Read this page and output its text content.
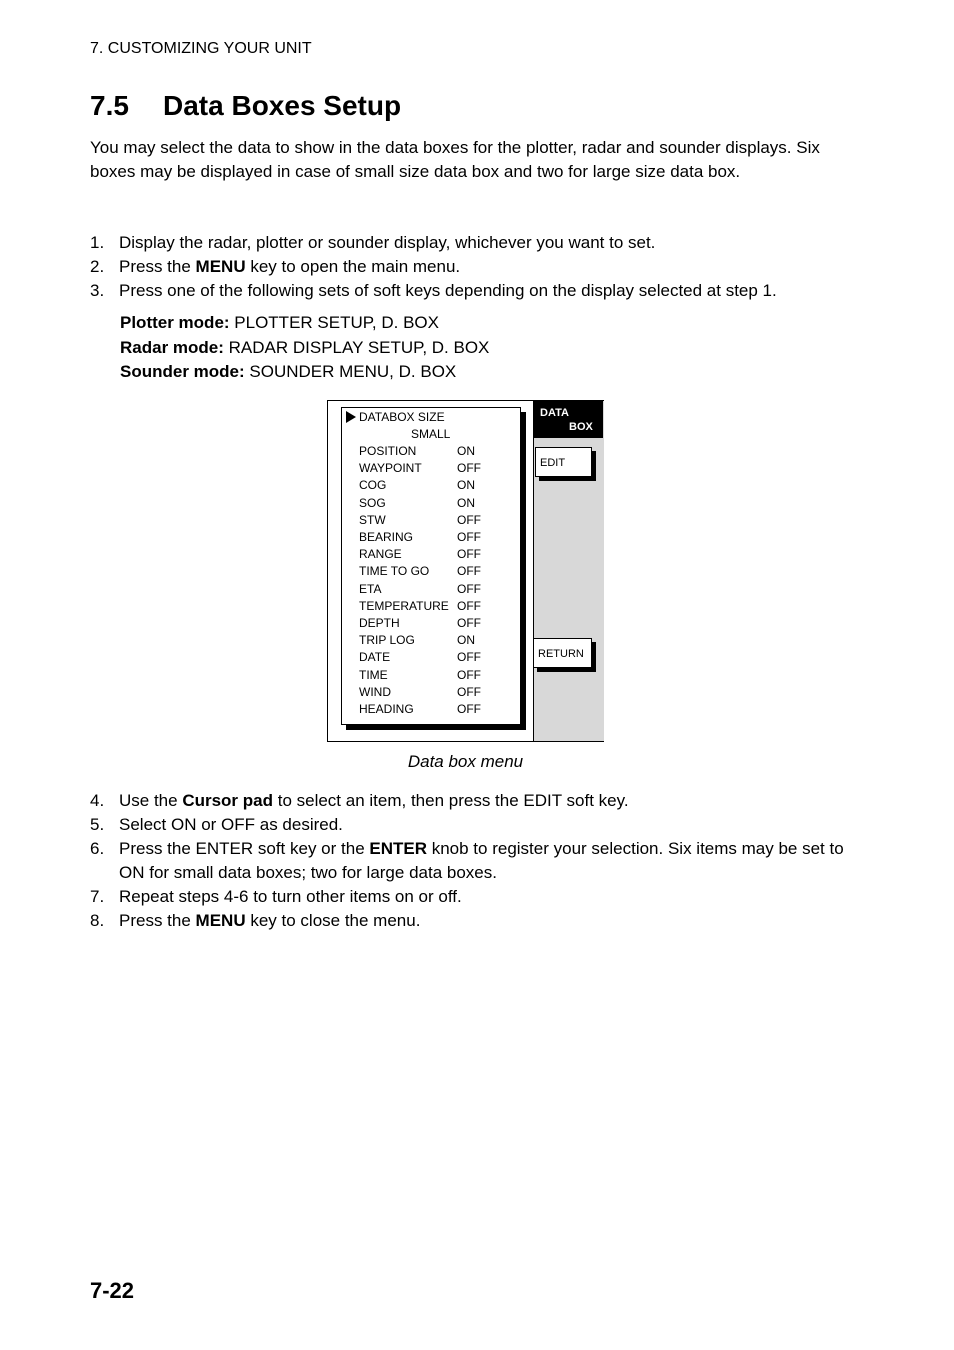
7. CUSTOMIZING YOUR UNIT
7.5 Data Boxes Setup

You may select the data to show in the data boxes for the plotter, radar and sounder displays. Six boxes may be displayed in case of small size data box and two for large size data box.

1. Display the radar, plotter or sounder display, whichever you want to set.
2. Press the MENU key to open the main menu.
3. Press one of the following sets of soft keys depending on the display selected at step 1.
Plotter mode: PLOTTER SETUP, D. BOX
Radar mode: RADAR DISPLAY SETUP, D. BOX
Sounder mode: SOUNDER MENU, D. BOX
DATABOX SIZE
SMALL
POSITION	ON
WAYPOINT	OFF
COG	ON
SOG	ON
STW	OFF
BEARING	OFF
RANGE	OFF
TIME TO GO OFF
ETA	OFF
TEMPERATURE OFF
DEPTH	OFF
TRIP LOG	ON
DATE	OFF
TIME	OFF
WIND	OFF
HEADING	OFF
DATA
BOX
EDIT
RETURN
Data box menu
4. Use the Cursor pad to select an item, then press the EDIT soft key.
5. Select ON or OFF as desired.
6. Press the ENTER soft key or the ENTER knob to register your selection. Six items may be set to ON for small data boxes; two for large data boxes.
7. Repeat steps 4-6 to turn other items on or off.
8. Press the MENU key to close the menu.
7-22
